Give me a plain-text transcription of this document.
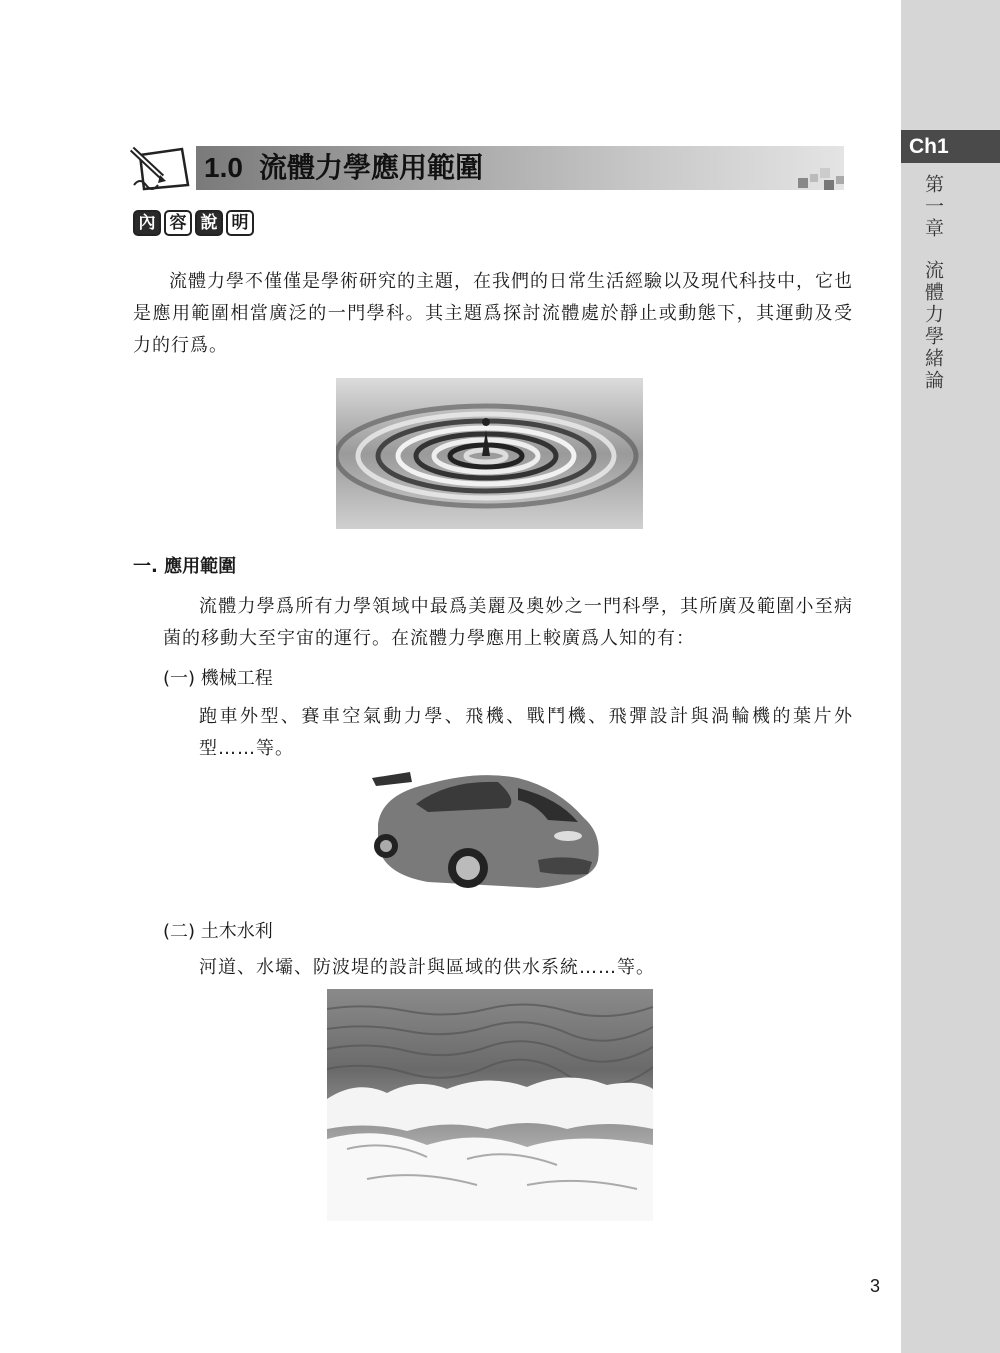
Ch1
第一章流體力學緒論
1.0 流體力學應用範圍
內 容 說 明
流體力學不僅僅是學術研究的主題，在我們的日常生活經驗以及現代科技中，它也是應用範圍相當廣泛的一門學科。其主題爲探討流體處於靜止或動態下，其運動及受力的行爲。
一. 應用範圍
流體力學爲所有力學領域中最爲美麗及奧妙之一門科學，其所廣及範圍小至病菌的移動大至宇宙的運行。在流體力學應用上較廣爲人知的有：
(一) 機械工程
跑車外型、賽車空氣動力學、飛機、戰鬥機、飛彈設計與渦輪機的葉片外型……等。
(二) 土木水利
河道、水壩、防波堤的設計與區域的供水系統……等。
3
